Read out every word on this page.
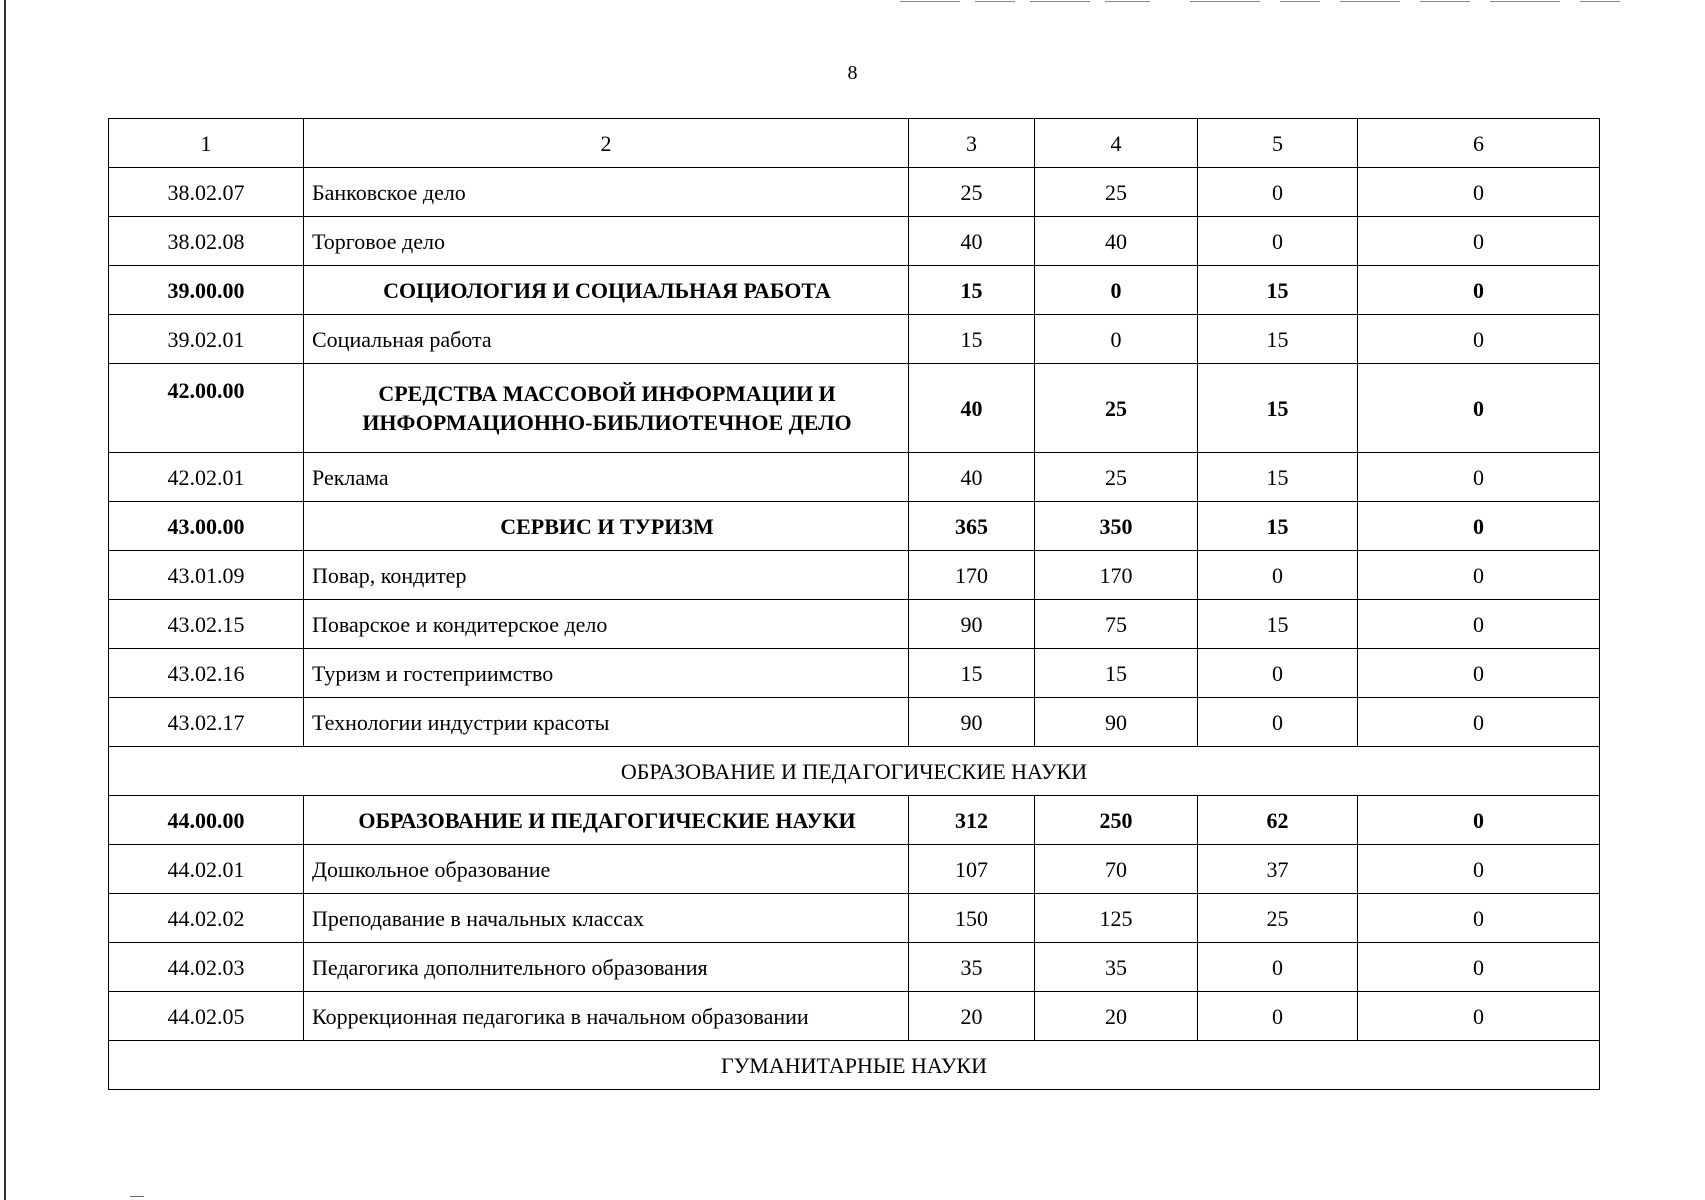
8
1	2	3	4	5	6
38.02.07	Банковское дело	25	25	0	0
38.02.08	Торговое дело	40	40	0	0
39.00.00	СОЦИОЛОГИЯ И СОЦИАЛЬНАЯ РАБОТА	15	0	15	0
39.02.01	Социальная работа	15	0	15	0
42.00.00	СРЕДСТВА МАССОВОЙ ИНФОРМАЦИИ И ИНФОРМАЦИОННО-БИБЛИОТЕЧНОЕ ДЕЛО	40	25	15	0
42.02.01	Реклама	40	25	15	0
43.00.00	СЕРВИС И ТУРИЗМ	365	350	15	0
43.01.09	Повар, кондитер	170	170	0	0
43.02.15	Поварское и кондитерское дело	90	75	15	0
43.02.16	Туризм и гостеприимство	15	15	0	0
43.02.17	Технологии индустрии красоты	90	90	0	0
ОБРАЗОВАНИЕ И ПЕДАГОГИЧЕСКИЕ НАУКИ					
44.00.00	ОБРАЗОВАНИЕ И ПЕДАГОГИЧЕСКИЕ НАУКИ	312	250	62	0
44.02.01	Дошкольное образование	107	70	37	0
44.02.02	Преподавание в начальных классах	150	125	25	0
44.02.03	Педагогика дополнительного образования	35	35	0	0
44.02.05	Коррекционная педагогика в начальном образовании	20	20	0	0
ГУМАНИТАРНЫЕ НАУКИ					
